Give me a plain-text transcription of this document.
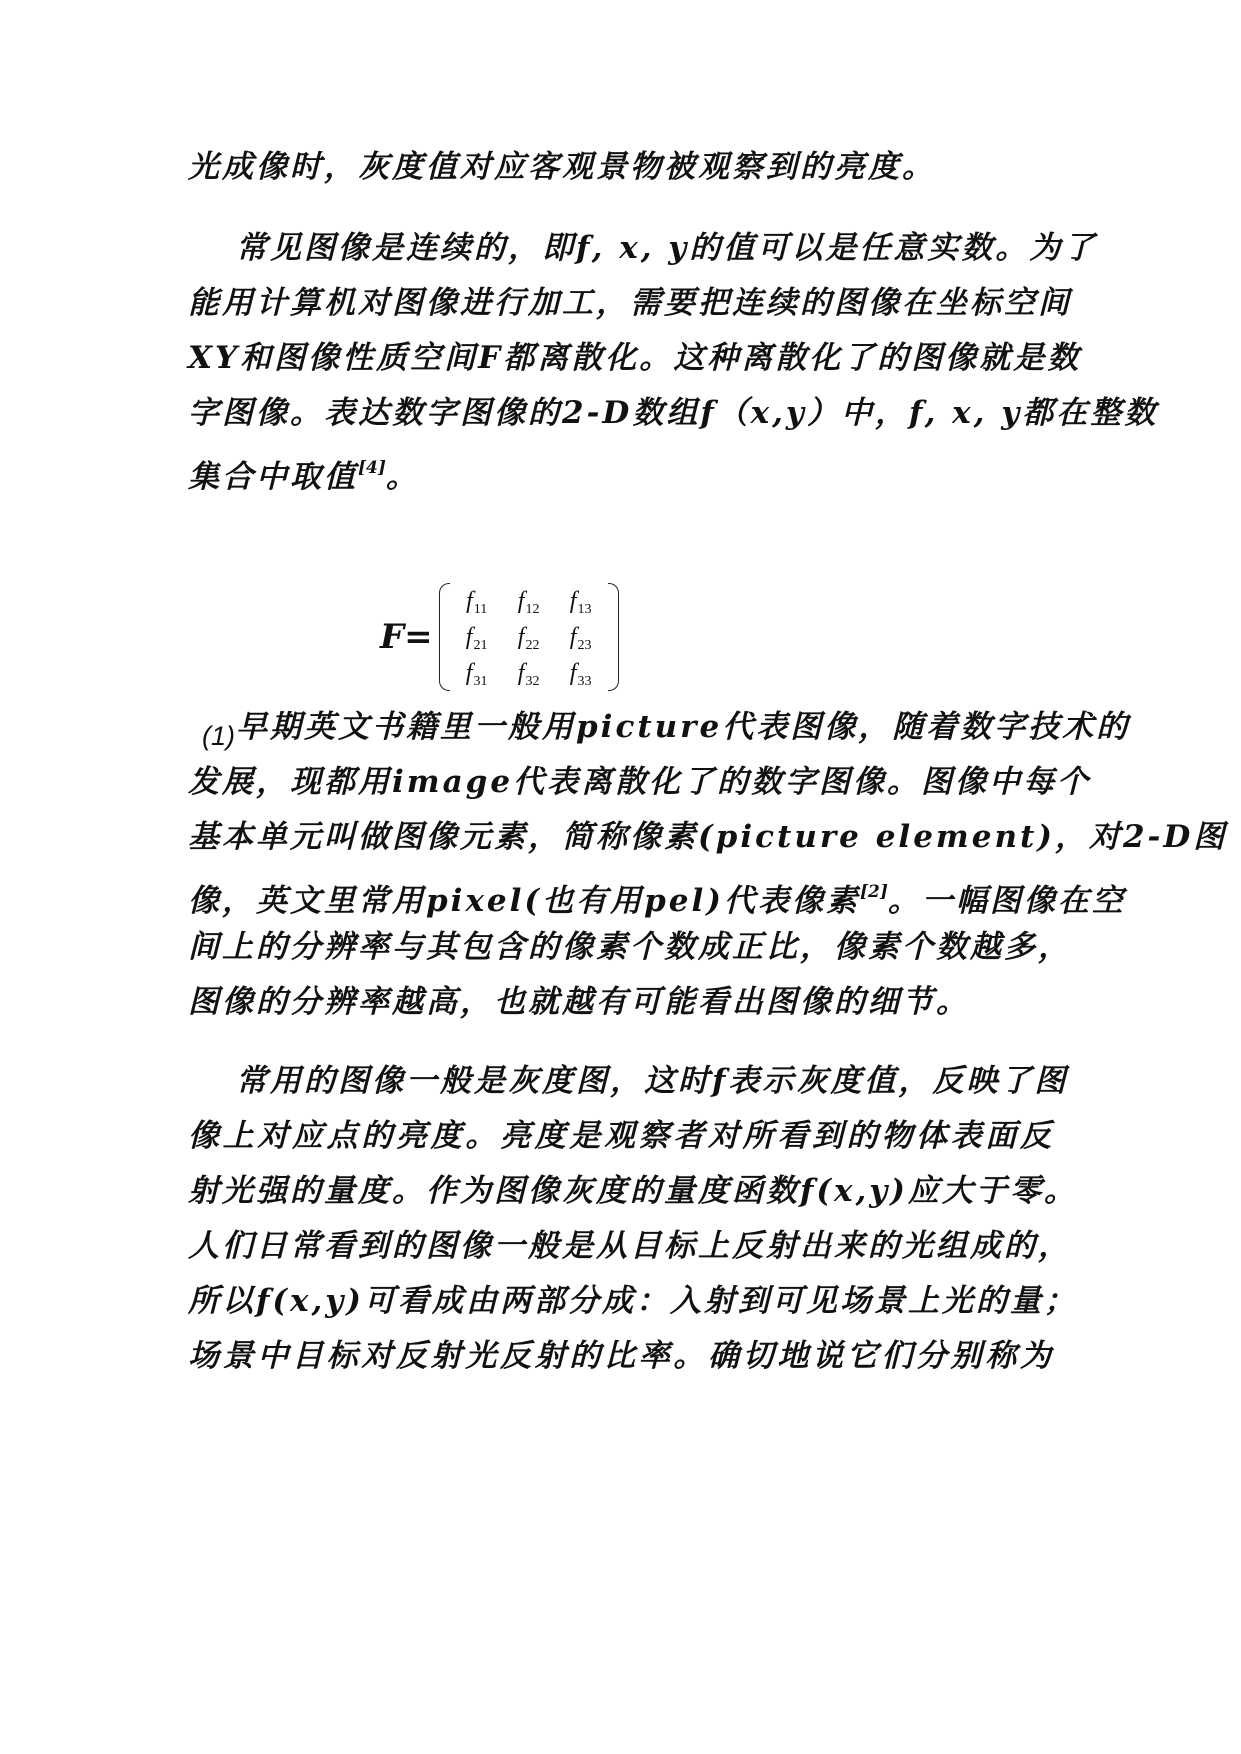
光成像时，灰度值对应客观景物被观察到的亮度。
常见图像是连续的，即f, x, y的值可以是任意实数。为了
能用计算机对图像进行加工，需要把连续的图像在坐标空间
XY和图像性质空间F都离散化。这种离散化了的图像就是数
字图像。表达数字图像的2-D数组f（x,y）中，f, x, y都在整数
集合中取值[4]。
早期英文书籍里一般用picture代表图像，随着数字技术的
发展，现都用image代表离散化了的数字图像。图像中每个
基本单元叫做图像元素，简称像素(picture element)，对2-D图
像，英文里常用pixel(也有用pel)代表像素[2]。一幅图像在空
间上的分辨率与其包含的像素个数成正比，像素个数越多，
图像的分辨率越高，也就越有可能看出图像的细节。
常用的图像一般是灰度图，这时f表示灰度值，反映了图
像上对应点的亮度。亮度是观察者对所看到的物体表面反
射光强的量度。作为图像灰度的量度函数f(x,y)应大于零。
人们日常看到的图像一般是从目标上反射出来的光组成的，
所以f(x,y)可看成由两部分成：入射到可见场景上光的量；
场景中目标对反射光反射的比率。确切地说它们分别称为
F=
$f_{11}$	$f_{12}$	$f_{13}$
$f_{21}$	$f_{22}$	$f_{23}$
$f_{31}$	$f_{32}$	$f_{33}$
(1)
